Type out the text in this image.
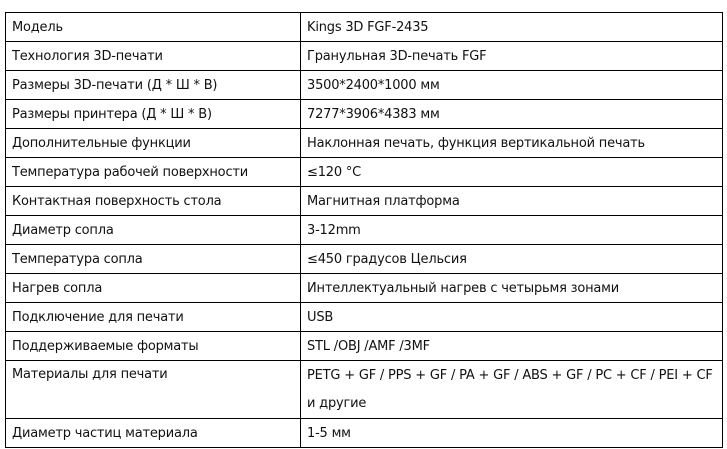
Модель	Kings 3D FGF-2435
Технология 3D-печати	Гранульная 3D-печать FGF
Размеры 3D-печати (Д * Ш * В)	3500*2400*1000 мм
Размеры принтера (Д * Ш * В)	7277*3906*4383 мм
Дополнительные функции	Наклонная печать, функция вертикальной печать
Температура рабочей поверхности	≤120 °C
Контактная поверхность стола	Магнитная платформа
Диаметр сопла	3-12mm
Температура сопла	≤450 градусов Цельсия
Нагрев сопла	Интеллектуальный нагрев с четырьмя зонами
Подключение для печати	USB
Поддерживаемые форматы	STL /OBJ /AMF /3MF
Материалы для печати	PETG + GF / PPS + GF / PA + GF / ABS + GF / PC + CF / PEI + CF и другие
Диаметр частиц материала	1-5 мм
